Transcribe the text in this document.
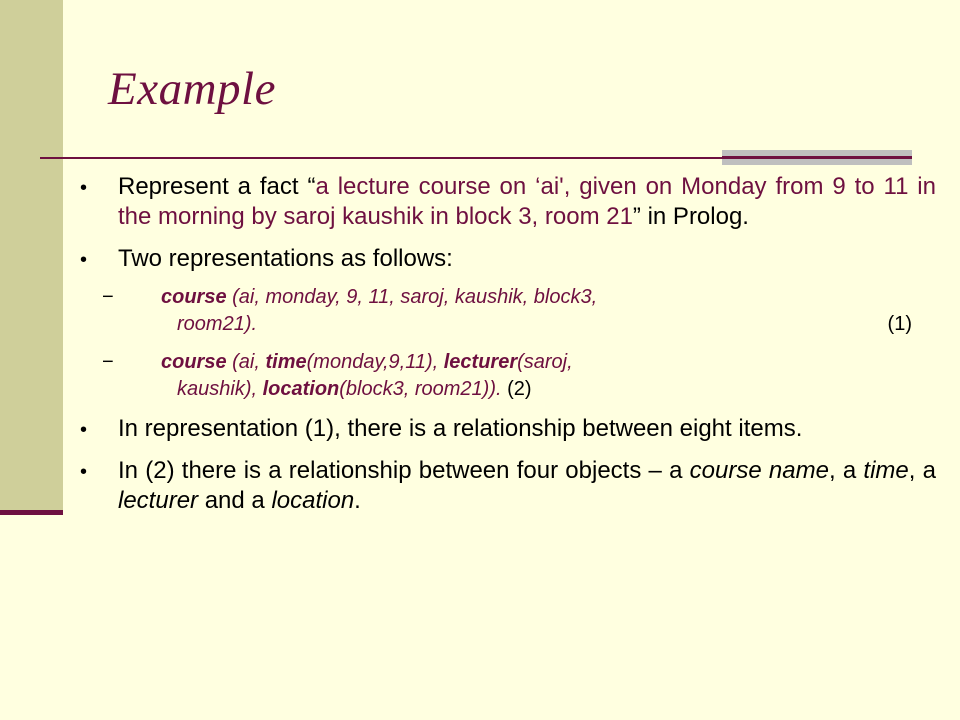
Example

• Represent a fact “a lecture course on ‘ai', given on Monday from 9 to 11 in the morning by saroj kaushik in block 3, room 21” in Prolog.

• Two representations as follows:

− course (ai, monday, 9, 11, saroj, kaushik, block3,
room21).	(1)
− course (ai, time(monday,9,11), lecturer(saroj,
kaushik), location(block3, room21)). (2)

• In representation (1), there is a relationship between eight items.

• In (2) there is a relationship between four objects – a course name, a time, a lecturer and a location.
